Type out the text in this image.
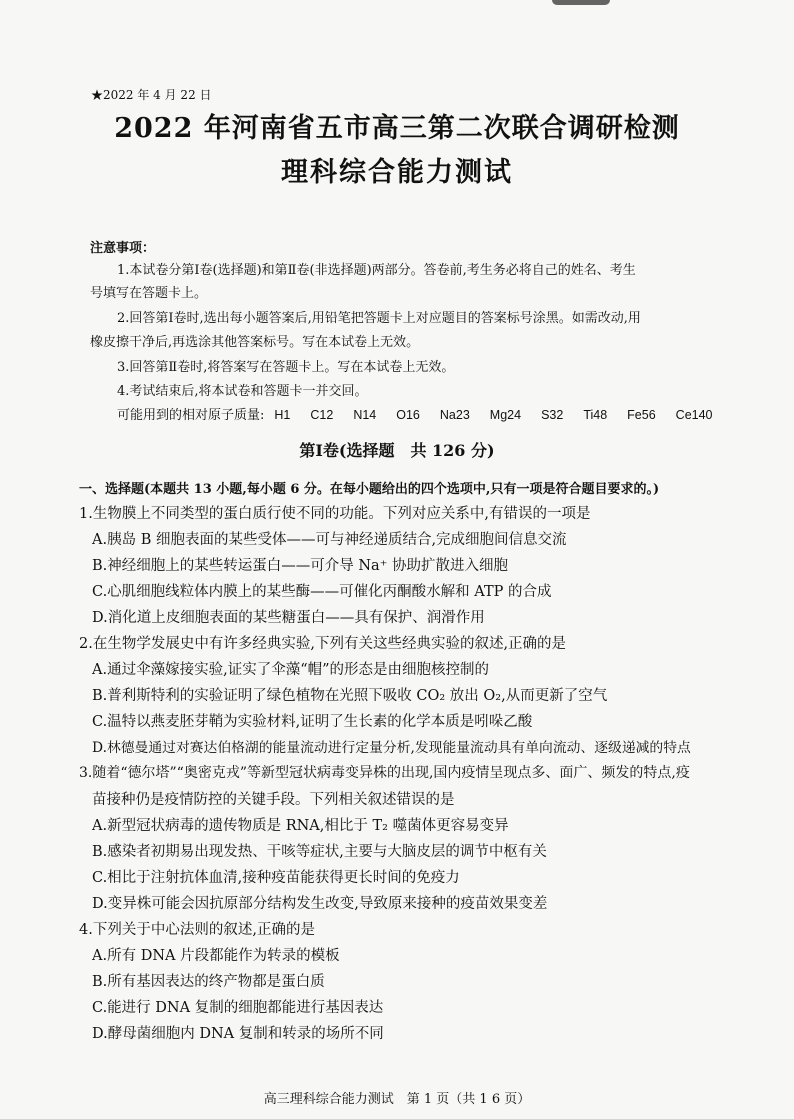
★2022 年 4 月 22 日
2022 年河南省五市高三第二次联合调研检测
理科综合能力测试
注意事项：
1.本试卷分第Ⅰ卷(选择题)和第Ⅱ卷(非选择题)两部分。答卷前,考生务必将自己的姓名、考生
号填写在答题卡上。
2.回答第Ⅰ卷时,选出每小题答案后,用铅笔把答题卡上对应题目的答案标号涂黑。如需改动,用
橡皮擦干净后,再选涂其他答案标号。写在本试卷上无效。
3.回答第Ⅱ卷时,将答案写在答题卡上。写在本试卷上无效。
4.考试结束后,将本试卷和答题卡一并交回。
可能用到的相对原子质量: H1 C12 N14 O16 Na23 Mg24 S32 Ti48 Fe56 Ce140
第Ⅰ卷(选择题　共 126 分)
一、选择题(本题共 13 小题,每小题 6 分。在每小题给出的四个选项中,只有一项是符合题目要求的。)
1.生物膜上不同类型的蛋白质行使不同的功能。下列对应关系中,有错误的一项是
A.胰岛 B 细胞表面的某些受体——可与神经递质结合,完成细胞间信息交流
B.神经细胞上的某些转运蛋白——可介导 Na⁺ 协助扩散进入细胞
C.心肌细胞线粒体内膜上的某些酶——可催化丙酮酸水解和 ATP 的合成
D.消化道上皮细胞表面的某些糖蛋白——具有保护、润滑作用
2.在生物学发展史中有许多经典实验,下列有关这些经典实验的叙述,正确的是
A.通过伞藻嫁接实验,证实了伞藻“帽”的形态是由细胞核控制的
B.普利斯特利的实验证明了绿色植物在光照下吸收 CO₂ 放出 O₂,从而更新了空气
C.温特以燕麦胚芽鞘为实验材料,证明了生长素的化学本质是吲哚乙酸
D.林德曼通过对赛达伯格湖的能量流动进行定量分析,发现能量流动具有单向流动、逐级递减的特点
3.随着“德尔塔”“奥密克戎”等新型冠状病毒变异株的出现,国内疫情呈现点多、面广、频发的特点,疫
苗接种仍是疫情防控的关键手段。下列相关叙述错误的是
A.新型冠状病毒的遗传物质是 RNA,相比于 T₂ 噬菌体更容易变异
B.感染者初期易出现发热、干咳等症状,主要与大脑皮层的调节中枢有关
C.相比于注射抗体血清,接种疫苗能获得更长时间的免疫力
D.变异株可能会因抗原部分结构发生改变,导致原来接种的疫苗效果变差
4.下列关于中心法则的叙述,正确的是
A.所有 DNA 片段都能作为转录的模板
B.所有基因表达的终产物都是蛋白质
C.能进行 DNA 复制的细胞都能进行基因表达
D.酵母菌细胞内 DNA 复制和转录的场所不同
高三理科综合能力测试　第 1 页（共 1 6 页）
